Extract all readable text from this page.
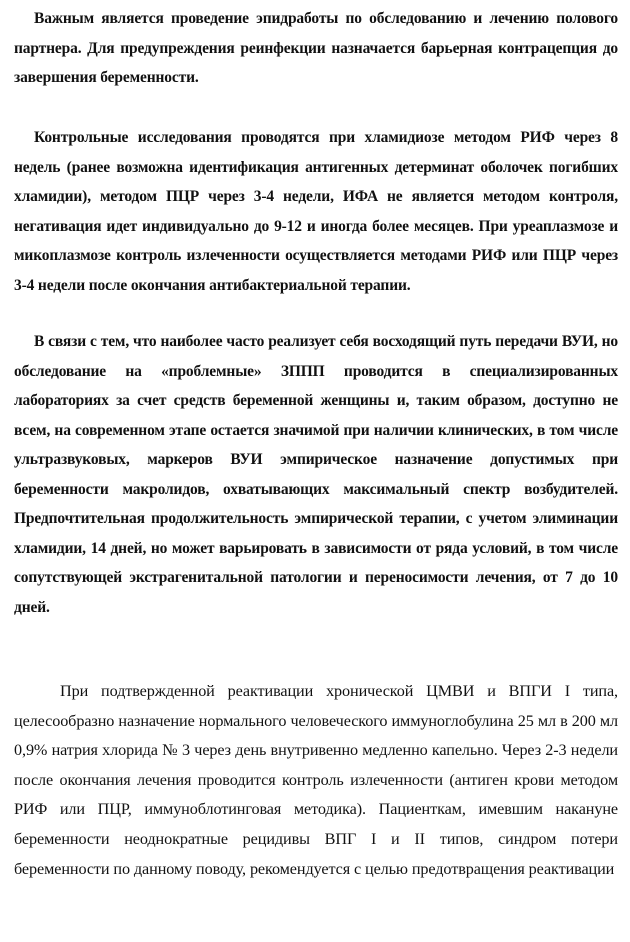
Важным является проведение эпидработы по обследованию и лечению полового партнера. Для предупреждения реинфекции назначается барьерная контрацепция до завершения беременности.

Контрольные исследования проводятся при хламидиозе методом РИФ через 8 недель (ранее возможна идентификация антигенных детерминат оболочек погибших хламидии), методом ПЦР через 3-4 недели, ИФА не является методом контроля, негативация идет индивидуально до 9-12 и иногда более месяцев. При уреаплазмозе и микоплазмозе контроль излеченности осуществляется методами РИФ или ПЦР через 3-4 недели после окончания антибактериальной терапии.

В связи с тем, что наиболее часто реализует себя восходящий путь передачи ВУИ, но обследование на «проблемные» ЗППП проводится в специализированных лабораториях за счет средств беременной женщины и, таким образом, доступно не всем, на современном этапе остается значимой при наличии клинических, в том числе ультразвуковых, маркеров ВУИ эмпирическое назначение допустимых при беременности макролидов, охватывающих максимальный спектр возбудителей. Предпочтительная продолжительность эмпирической терапии, с учетом элиминации хламидии, 14 дней, но может варьировать в зависимости от ряда условий, в том числе сопутствующей экстрагенитальной патологии и переносимости лечения, от 7 до 10 дней.

При подтвержденной реактивации хронической ЦМВИ и ВПГИ I типа, целесообразно назначение нормального человеческого иммуноглобулина 25 мл в 200 мл 0,9% натрия хлорида № 3 через день внутривенно медленно капельно. Через 2-3 недели после окончания лечения проводится контроль излеченности (антиген крови методом РИФ или ПЦР, иммуноблотинговая методика). Пациенткам, имевшим накануне беременности неоднократные рецидивы ВПГ I и II типов, синдром потери беременности по данному поводу, рекомендуется с целью предотвращения реактивации
